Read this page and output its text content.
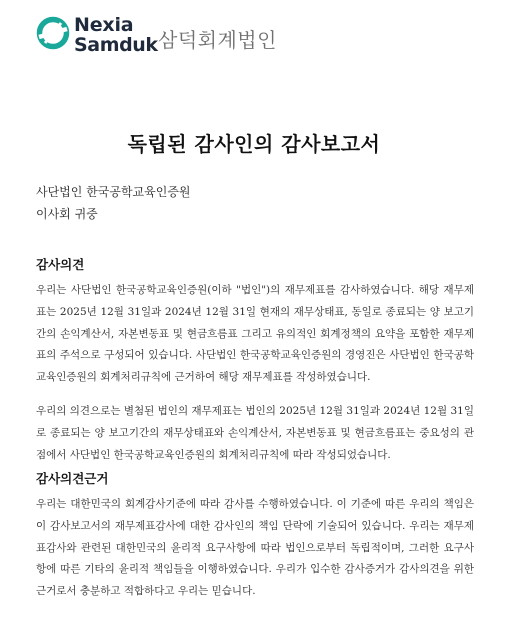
Nexia
Samduk 삼덕회계법인
독립된 감사인의 감사보고서
사단법인 한국공학교육인증원
이사회 귀중
감사의견

우리는 사단법인 한국공학교육인증원(이하 "법인")의 재무제표를 감사하였습니다. 해당 재무제표는 2025년 12월 31일과 2024년 12월 31일 현재의 재무상태표, 동일로 종료되는 양 보고기간의 손익계산서, 자본변동표 및 현금흐름표 그리고 유의적인 회계정책의 요약을 포함한 재무제표의 주석으로 구성되어 있습니다. 사단법인 한국공학교육인증원의 경영진은 사단법인 한국공학교육인증원의 회계처리규칙에 근거하여 해당 재무제표를 작성하였습니다.

우리의 의견으로는 별첨된 법인의 재무제표는 법인의 2025년 12월 31일과 2024년 12월 31일로 종료되는 양 보고기간의 재무상태표와 손익계산서, 자본변동표 및 현금흐름표는 중요성의 관점에서 사단법인 한국공학교육인증원의 회계처리규칙에 따라 작성되었습니다.

감사의견근거

우리는 대한민국의 회계감사기준에 따라 감사를 수행하였습니다. 이 기준에 따른 우리의 책임은 이 감사보고서의 재무제표감사에 대한 감사인의 책임 단락에 기술되어 있습니다. 우리는 재무제표감사와 관련된 대한민국의 윤리적 요구사항에 따라 법인으로부터 독립적이며, 그러한 요구사항에 따른 기타의 윤리적 책임들을 이행하였습니다. 우리가 입수한 감사증거가 감사의견을 위한 근거로서 충분하고 적합하다고 우리는 믿습니다.
